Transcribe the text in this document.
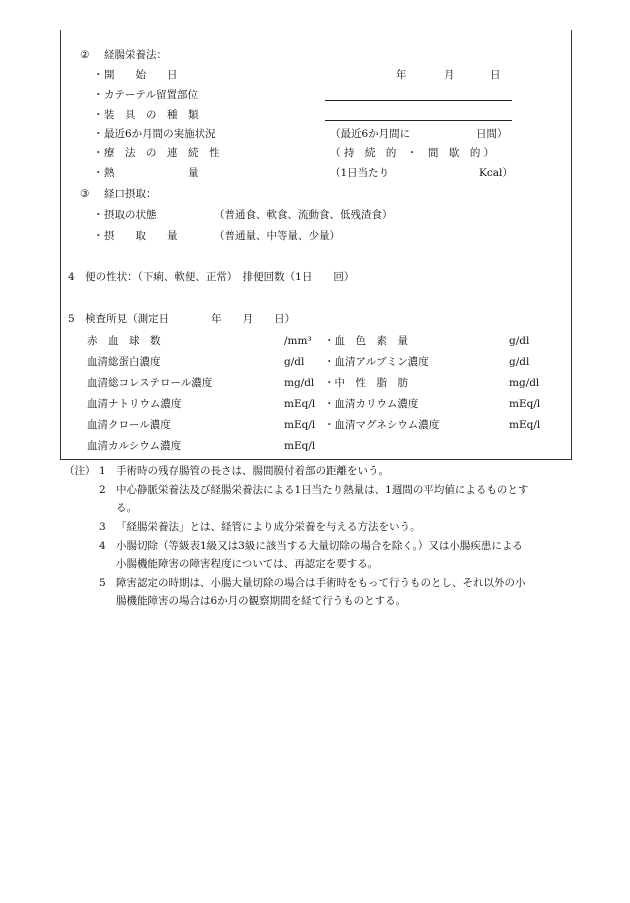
② 経腸栄養法：
・ 開　　始　　日	年	月	日
・ カテーテル留置部位
・ 装　具　の　種　類
・ 最近6か月間の実施状況	（最近6か月間に	日間）
・ 療　法　の　連　続　性	（ 持　続　的　・　間　歇　的 ）
・ 熱　　　　　　　量	（1日当たり	Kcal）
③ 経口摂取：
・ 摂取の状態	（普通食、軟食、流動食、低残渣食）
・ 摂　　取　　量	（普通量、中等量、少量）
4　便の性状：（下痢、軟便、正常）　排便回数（1日　　回）
5　検査所見（測定日　　　　年　　月　　日）
赤　血　球　数	/mm³ ・血　色　素　量	g/dl
血清総蛋白濃度	g/dl ・血清アルブミン濃度	g/dl
血清総コレステロール濃度	mg/dl ・中　性　脂　肪	mg/dl
血清ナトリウム濃度	mEq/l ・血清カリウム濃度	mEq/l
血清クロール濃度	mEq/l ・血清マグネシウム濃度	mEq/l
血清カルシウム濃度	mEq/l
（注） 1 手術時の残存腸管の長さは、腸間膜付着部の距離をいう。
2 中心静脈栄養法及び経腸栄養法による1日当たり熱量は、1週間の平均値によるものとす
る。
3 「経腸栄養法」とは、経管により成分栄養を与える方法をいう。
4 小腸切除（等級表1級又は3級に該当する大量切除の場合を除く。）又は小腸疾患による
小腸機能障害の障害程度については、再認定を要する。
5 障害認定の時期は、小腸大量切除の場合は手術時をもって行うものとし、それ以外の小
腸機能障害の場合は6か月の観察期間を経て行うものとする。
